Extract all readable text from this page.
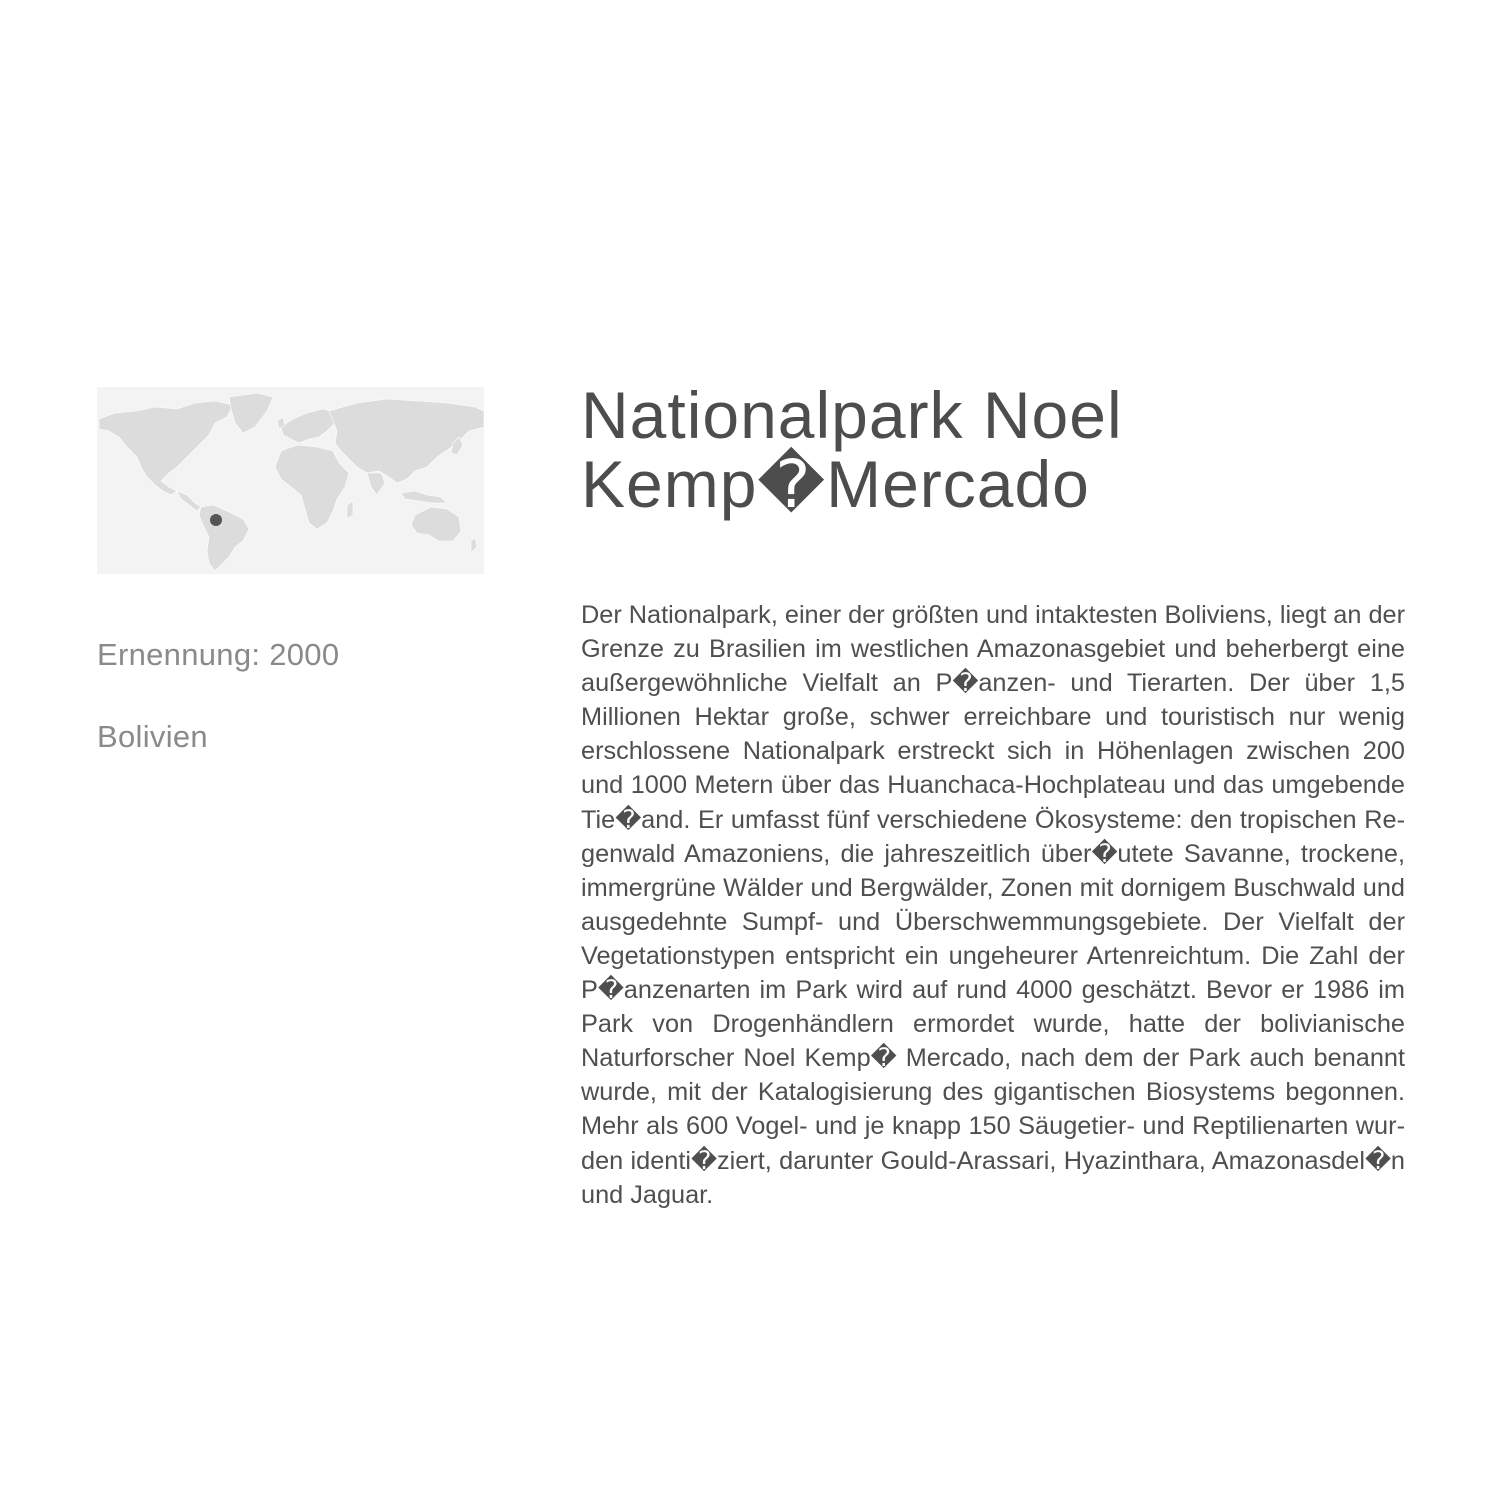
Ernennung: 2000
Bolivien
Nationalpark Noel
Kemp�Mercado

Der Nationalpark, einer der größten und intaktesten Boliviens, liegt an der Grenze zu Brasilien im westlichen Amazonasgebiet und beherbergt eine außergewöhnliche Vielfalt an P�anzen- und Tierarten. Der über 1,5 Millionen Hektar große, schwer erreichbare und touristisch nur wenig erschlossene Nationalpark erstreckt sich in Höhenlagen zwischen 200 und 1000 Metern über das Huanchaca-Hochplateau und das umgebende Tie�and. Er umfasst fünf verschiedene Ökosysteme: den tropischen Regenwald Amazoniens, die jahreszeitlich über�utete Savanne, trockene, immergrüne Wälder und Bergwälder, Zonen mit dornigem Buschwald und ausgedehnte Sumpf- und Überschwemmungsgebiete. Der Vielfalt der Vegetationstypen entspricht ein ungeheurer Artenreichtum. Die Zahl der P�anzenarten im Park wird auf rund 4000 geschätzt. Bevor er 1986 im Park von Drogenhändlern ermordet wurde, hatte der bolivianische Naturforscher Noel Kemp� Mercado, nach dem der Park auch benannt wurde, mit der Katalogisierung des gigantischen Biosystems begonnen. Mehr als 600 Vogel- und je knapp 150 Säugetier- und Reptilienarten wurden identi�ziert, darunter Gould-Arassari, Hyazinthara, Amazonasdel�n und Jaguar.
